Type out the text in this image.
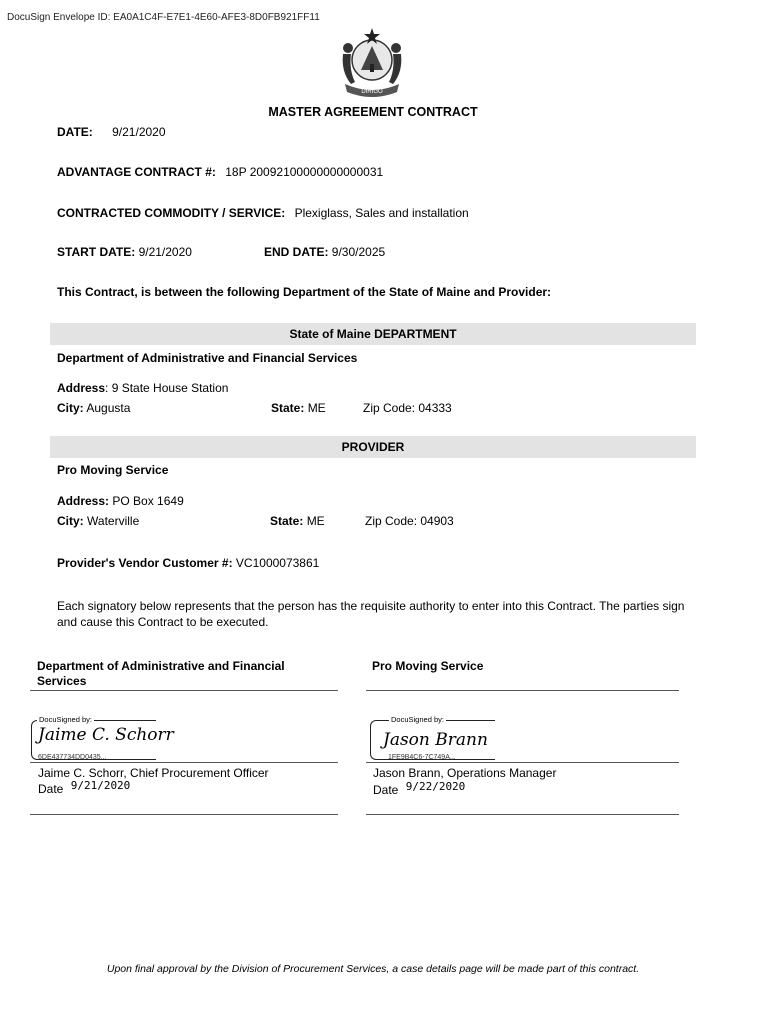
DocuSign Envelope ID: EA0A1C4F-E7E1-4E60-AFE3-8D0FB921FF11
DIRIGO
MASTER AGREEMENT CONTRACT
DATE: 9/21/2020
ADVANTAGE CONTRACT #: 18P 20092100000000000031
CONTRACTED COMMODITY / SERVICE: Plexiglass, Sales and installation
START DATE: 9/21/2020	END DATE: 9/30/2025
This Contract, is between the following Department of the State of Maine and Provider:
State of Maine DEPARTMENT
Department of Administrative and Financial Services
Address: 9 State House Station
City: Augusta	State: ME	Zip Code: 04333
PROVIDER
Pro Moving Service
Address: PO Box 1649
City: Waterville	State: ME	Zip Code: 04903
Provider's Vendor Customer #: VC1000073861
Each signatory below represents that the person has the requisite authority to enter into this Contract. The parties sign and cause this Contract to be executed.
Department of Administrative and Financial Services
DocuSigned by:
Jaime C. Schorr
6DE437734DD0435...
Jaime C. Schorr, Chief Procurement Officer
Date 9/21/2020
Pro Moving Service
DocuSigned by:
Jason Brann
1FE9B4C6-7C749A...
Jason Brann, Operations Manager
Date 9/22/2020
Upon final approval by the Division of Procurement Services, a case details page will be made part of this contract.
